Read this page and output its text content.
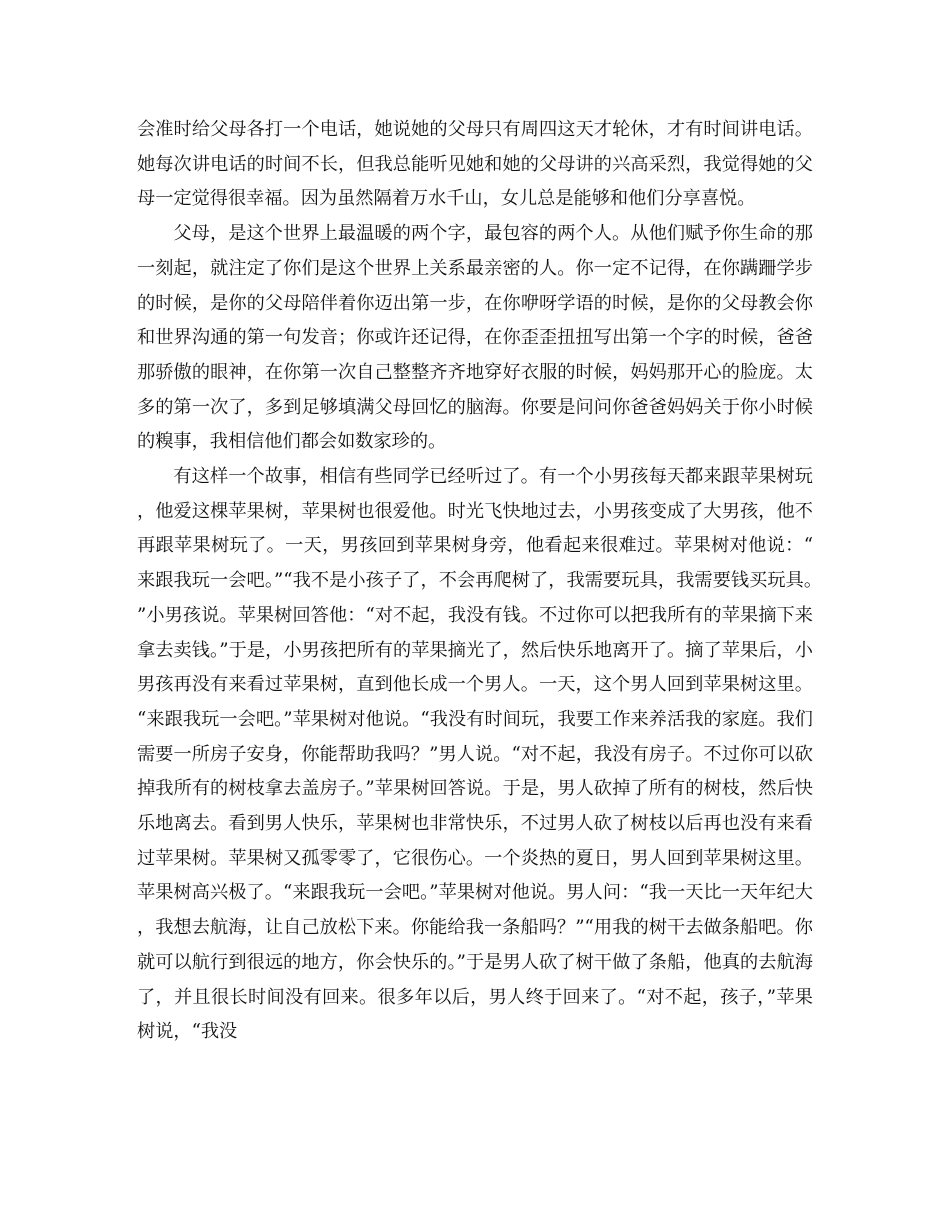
会准时给父母各打一个电话，她说她的父母只有周四这天才轮休，才有时间讲电话。她每次讲电话的时间不长，但我总能听见她和她的父母讲的兴高采烈，我觉得她的父母一定觉得很幸福。因为虽然隔着万水千山，女儿总是能够和他们分享喜悦。

父母，是这个世界上最温暖的两个字，最包容的两个人。从他们赋予你生命的那一刻起，就注定了你们是这个世界上关系最亲密的人。你一定不记得，在你蹒跚学步的时候，是你的父母陪伴着你迈出第一步，在你咿呀学语的时候，是你的父母教会你和世界沟通的第一句发音；你或许还记得，在你歪歪扭扭写出第一个字的时候，爸爸那骄傲的眼神，在你第一次自己整整齐齐地穿好衣服的时候，妈妈那开心的脸庞。太多的第一次了，多到足够填满父母回忆的脑海。你要是问问你爸爸妈妈关于你小时候的糗事，我相信他们都会如数家珍的。

有这样一个故事，相信有些同学已经听过了。有一个小男孩每天都来跟苹果树玩，他爱这棵苹果树，苹果树也很爱他。时光飞快地过去，小男孩变成了大男孩，他不再跟苹果树玩了。一天，男孩回到苹果树身旁，他看起来很难过。苹果树对他说：“来跟我玩一会吧。”“我不是小孩子了，不会再爬树了，我需要玩具，我需要钱买玩具。”小男孩说。苹果树回答他：“对不起，我没有钱。不过你可以把我所有的苹果摘下来拿去卖钱。”于是，小男孩把所有的苹果摘光了，然后快乐地离开了。摘了苹果后，小男孩再没有来看过苹果树，直到他长成一个男人。一天，这个男人回到苹果树这里。“来跟我玩一会吧。”苹果树对他说。“我没有时间玩，我要工作来养活我的家庭。我们需要一所房子安身，你能帮助我吗？”男人说。“对不起，我没有房子。不过你可以砍掉我所有的树枝拿去盖房子。”苹果树回答说。于是，男人砍掉了所有的树枝，然后快乐地离去。看到男人快乐，苹果树也非常快乐，不过男人砍了树枝以后再也没有来看过苹果树。苹果树又孤零零了，它很伤心。一个炎热的夏日，男人回到苹果树这里。苹果树高兴极了。“来跟我玩一会吧。”苹果树对他说。男人问：“我一天比一天年纪大，我想去航海，让自己放松下来。你能给我一条船吗？”“用我的树干去做条船吧。你就可以航行到很远的地方，你会快乐的。”于是男人砍了树干做了条船，他真的去航海了，并且很长时间没有回来。很多年以后，男人终于回来了。“对不起，孩子，”苹果树说，“我没
